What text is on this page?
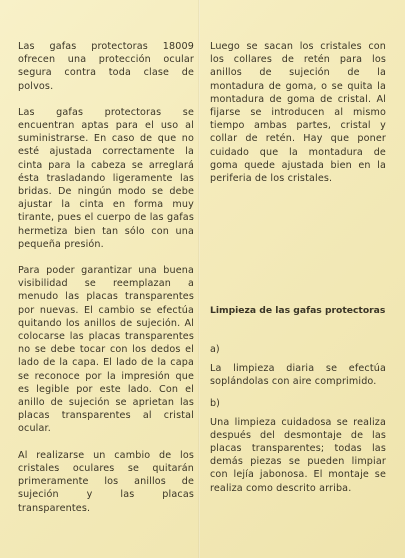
Las gafas protectoras 18009 ofrecen una protección ocular segura contra toda clase de polvos.

Las gafas protectoras se encuentran aptas para el uso al suministrarse. En caso de que no esté ajustada correctamente la cinta para la cabeza se arreglará ésta trasladando ligeramente las bridas. De ningún modo se debe ajustar la cinta en forma muy tirante, pues el cuerpo de las gafas hermetiza bien tan sólo con una pequeña presión.

Para poder garantizar una buena visibilidad se reemplazan a menudo las placas transparentes por nuevas. El cambio se efectúa quitando los anillos de sujeción. Al colocarse las placas transparentes no se debe tocar con los dedos el lado de la capa. El lado de la capa se reconoce por la impresión que es legible por este lado. Con el anillo de sujeción se aprietan las placas transparentes al cristal ocular.

Al realizarse un cambio de los cristales oculares se quitarán primeramente los anillos de sujeción y las placas transparentes.

Luego se sacan los cristales con los collares de retén para los anillos de sujeción de la montadura de goma, o se quita la montadura de goma de cristal. Al fijarse se introducen al mismo tiempo ambas partes, cristal y collar de retén. Hay que poner cuidado que la montadura de goma quede ajustada bien en la periferia de los cristales.

Limpieza de las gafas protectoras
a)

La limpieza diaria se efectúa soplándolas con aire comprimido.

b)

Una limpieza cuidadosa se realiza después del desmontaje de las placas transparentes; todas las demás piezas se pueden limpiar con lejía jabonosa. El montaje se realiza como descrito arriba.
